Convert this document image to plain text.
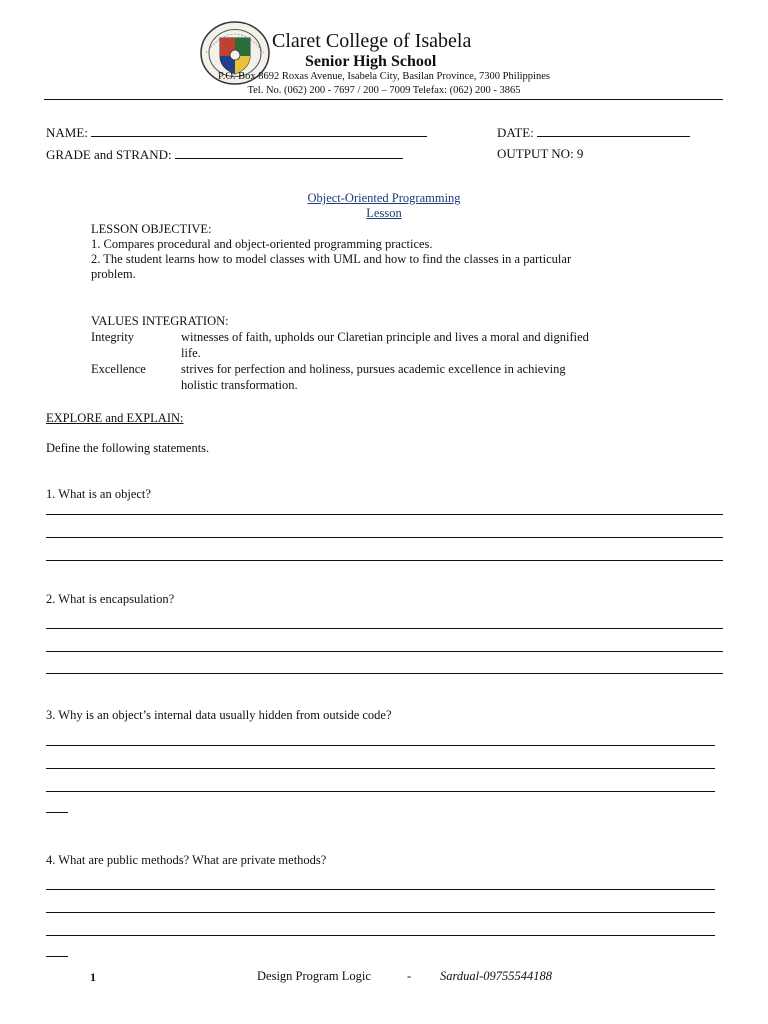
Claret College of Isabela
Senior High School
P.O. Box 8692 Roxas Avenue, Isabela City, Basilan Province, 7300 Philippines
Tel. No. (062) 200 - 7697 / 200 – 7009 Telefax: (062) 200 - 3865
NAME:	DATE:
GRADE and STRAND:	OUTPUT NO: 9
Object-Oriented Programming
Lesson
LESSON OBJECTIVE:
1. Compares procedural and object-oriented programming practices.
2. The student learns how to model classes with UML and how to find the classes in a particular
problem.
VALUES INTEGRATION:
Integrity	witnesses of faith, upholds our Claretian principle and lives a moral and dignified
life.
Excellence	strives for perfection and holiness, pursues academic excellence in achieving
holistic transformation.
EXPLORE and EXPLAIN:
Define the following statements.
1. What is an object?
2. What is encapsulation?
3. Why is an object’s internal data usually hidden from outside code?
4. What are public methods? What are private methods?
1	Design Program Logic	- Sardual-09755544188
